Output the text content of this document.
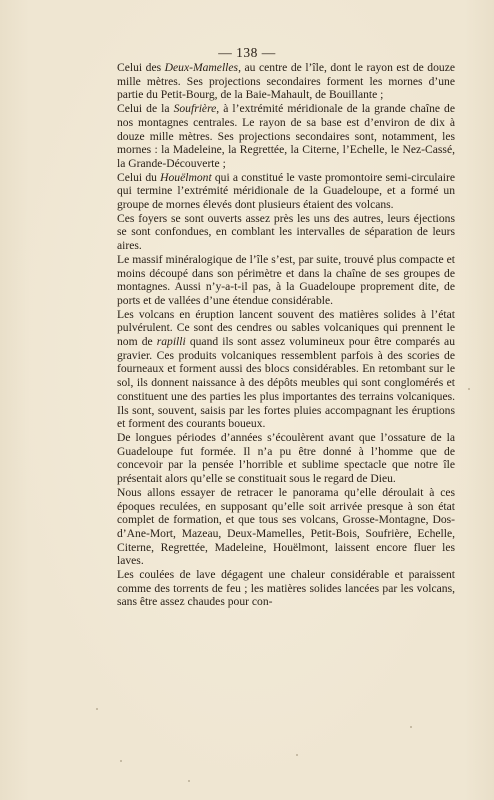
— 138 —

Celui des Deux-Mamelles, au centre de l’île, dont le rayon est de douze mille mètres. Ses projections secondaires forment les mornes d’une partie du Petit-Bourg, de la Baie-Mahault, de Bouillante ;

Celui de la Soufrière, à l’extrémité méridionale de la grande chaîne de nos montagnes centrales. Le rayon de sa base est d’environ de dix à douze mille mètres. Ses projections secondaires sont, notamment, les mornes : la Madeleine, la Regrettée, la Citerne, l’Echelle, le Nez-Cassé, la Grande-Découverte ;

Celui du Houëlmont qui a constitué le vaste promontoire semi-circulaire qui termine l’extrémité méridionale de la Guadeloupe, et a formé un groupe de mornes élevés dont plusieurs étaient des volcans.

Ces foyers se sont ouverts assez près les uns des autres, leurs éjections se sont confondues, en comblant les intervalles de séparation de leurs aires.

Le massif minéralogique de l’île s’est, par suite, trouvé plus compacte et moins découpé dans son périmètre et dans la chaîne de ses groupes de montagnes. Aussi n’y-a-t-il pas, à la Guadeloupe proprement dite, de ports et de vallées d’une étendue considérable.

Les volcans en éruption lancent souvent des matières solides à l’état pulvérulent. Ce sont des cendres ou sables volcaniques qui prennent le nom de rapilli quand ils sont assez volumineux pour être comparés au gravier. Ces produits volcaniques ressemblent parfois à des scories de fourneaux et forment aussi des blocs considérables. En retombant sur le sol, ils donnent naissance à des dépôts meubles qui sont conglomérés et constituent une des parties les plus importantes des terrains volcaniques. Ils sont, souvent, saisis par les fortes pluies accompagnant les éruptions et forment des courants boueux.

De longues périodes d’années s’écoulèrent avant que l’ossature de la Guadeloupe fut formée. Il n’a pu être donné à l’homme que de concevoir par la pensée l’horrible et sublime spectacle que notre île présentait alors qu’elle se constituait sous le regard de Dieu.

Nous allons essayer de retracer le panorama qu’elle déroulait à ces époques reculées, en supposant qu’elle soit arrivée presque à son état complet de formation, et que tous ses volcans, Grosse-Montagne, Dos-d’Ane-Mort, Mazeau, Deux-Mamelles, Petit-Bois, Soufrière, Echelle, Citerne, Regrettée, Madeleine, Houëlmont, laissent encore fluer les laves.

Les coulées de lave dégagent une chaleur considérable et paraissent comme des torrents de feu ; les matières solides lancées par les volcans, sans être assez chaudes pour con-
